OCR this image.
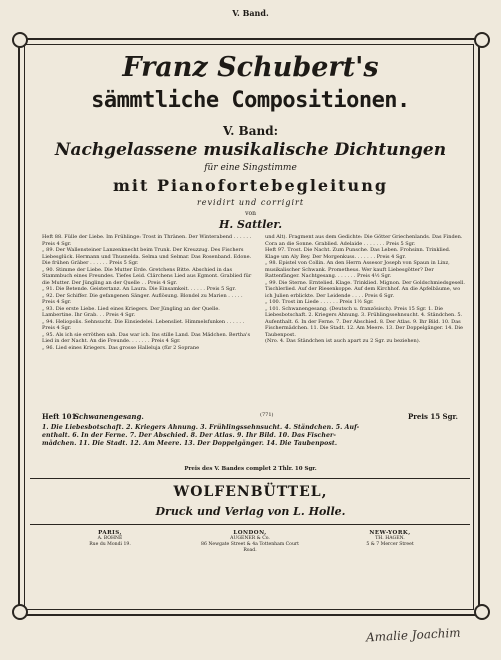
V. Band.
Franz Schubert's
sämmtliche Compositionen.
V. Band:
Nachgelassene musikalische Dichtungen
für eine Singstimme
mit Pianofortebegleitung
revidirt und corrigirt
von
H. Sattler.

Heft 88. Fülle der Liebe. Im Frühlinge: Trost in Thränen. Der Winterabend . . . . . . Preis 4 Sgr.

„ 89. Der Wallensteiner Lanzenknecht beim Trunk. Der Kreuzzug. Des Fischers Liebesglück. Hermann und Thusnelda. Selma und Selmar. Das Rosenband. Edone. Die frühen Gräber . . . . . . Preis 5 Sgr.

„ 90. Stimme der Liebe. Die Mutter Erde. Gretchens Bitte. Abschied in das Stammbuch eines Freundes. Tiefes Leid. Clärchens Lied aus Egmont. Grablied für die Mutter. Der Jüngling an der Quelle . . Preis 4 Sgr.

„ 91. Die Betende. Geistertanz. An Laura. Die Einsamkeit. . . . . . Preis 5 Sgr.

„ 92. Der Schiffer. Die gefangenen Sänger. Auflösung. Blondel zu Marien . . . . . Preis 4 Sgr.

„ 93. Die erste Liebe. Lied eines Kriegers. Der Jüngling an der Quelle. Lambertine. Ihr Grab. . . Preis 4 Sgr.

„ 94. Heliopolis. Sehnsucht. Die Einsiedelei. Lebensliet. Himmelsfunken . . . . . . Preis 4 Sgr.

„ 95. Als ich sie erröthen sah. Das war ich. Ins stille Land. Das Mädchen. Bertha's Lied in der Nacht. An die Freunde. . . . . . . Preis 4 Sgr.

„ 96. Lied eines Kriegers. Das grosse Halleluja (für 2 Soprane

und Alt). Fragment aus dem Gedichte: Die Götter Griechenlands. Das Finden. Cora an die Sonne. Grablied. Adelaide . . . . . . . Preis 5 Sgr.

Heft 97. Trost. Die Nacht. Zum Punsche. Das Leben. Frohsinn. Trinklied. Klage um Aly Bey. Der Morgenkuss. . . . . . . Preis 4 Sgr.

„ 98. Epistel von Collin. An den Herrn Assesor Joseph von Spaun in Linz, musikalischer Schwank. Prometheus. Wer kauft Liebesgötter? Der Rattenfänger. Nachtgesang. . . . . . . Preis 4½ Sgr.

„ 99. Die Sterne. Erntelied. Klage. Trinklied. Mignon. Der Goldschmiedsgesell. Tischlerlied. Auf der Riesenkoppe. Auf dem Kirchhof. An die Apfelbäume, wo ich Julien erblickte. Der Leidende . . . . Preis 6 Sgr.

„ 100. Trost im Liede . . . . . . Preis 1½ Sgr.

„ 101. Schwanengesang. (Deutsch u. französisch). Preis 15 Sgr. 1. Die Liebesbotschaft. 2. Kriegers Ahnung. 3. Frühlingssehnsucht. 4. Ständchen. 5. Aufenthalt. 6. In der Ferne. 7. Der Abschied. 8. Der Atlas. 9. Ihr Bild. 10. Das Fischermädchen. 11. Die Stadt. 12. Am Meere. 13. Der Doppelgänger. 14. Die Taubenpost.

(Nro. 4. Das Ständchen ist auch apart zu 2 Sgr. zu beziehen).

Heft 101.
Schwanengesang.	(771)	Preis 15 Sgr.
1. Die Liebesbotschaft. 2. Kriegers Ahnung. 3. Frühlingssehnsucht. 4. Ständchen. 5. Auf-
enthalt. 6. In der Ferne. 7. Der Abschied. 8. Der Atlas. 9. Ihr Bild. 10. Das Fischer-
mädchen. 11. Die Stadt. 12. Am Meere. 13. Der Doppelgänger. 14. Die Taubenpost.
Preis des V. Bandes complet 2 Thlr. 10 Sgr.
WOLFENBÜTTEL,
Druck und Verlag von L. Holle.
PARIS,
A. BOHNÉ
Rue du Mondi 19.
LONDON,
AUGENER & Co.
86 Newgate Street & 4a Tottenham Court Road.
NEW-YORK,
TH. HAGEN.
5 & 7 Mercer Street
Amalie Joachim
